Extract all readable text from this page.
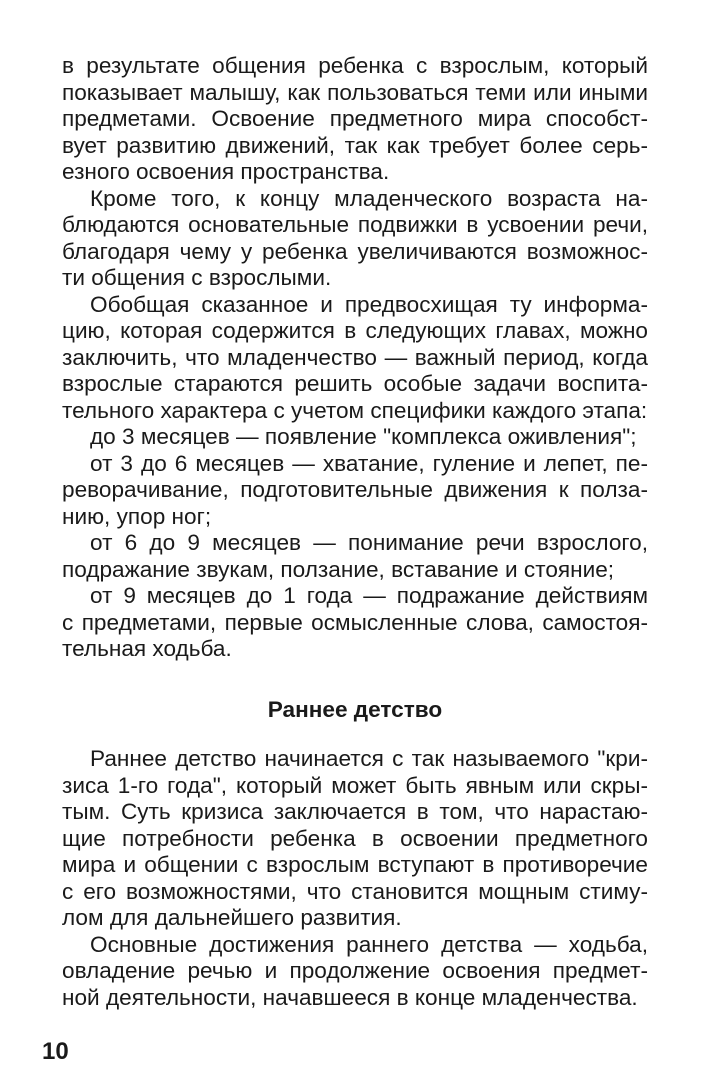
в результате общения ребенка с взрослым, который
показывает малышу, как пользоваться теми или иными
предметами. Освоение предметного мира способст-
вует развитию движений, так как требует более серь-
езного освоения пространства.
Кроме того, к концу младенческого возраста на-
блюдаются основательные подвижки в усвоении речи,
благодаря чему у ребенка увеличиваются возможнос-
ти общения с взрослыми.
Обобщая сказанное и предвосхищая ту информа-
цию, которая содержится в следующих главах, можно
заключить, что младенчество — важный период, когда
взрослые стараются решить особые задачи воспита-
тельного характера с учетом специфики каждого этапа:
до 3 месяцев — появление "комплекса оживления";
от 3 до 6 месяцев — хватание, гуление и лепет, пе-
реворачивание, подготовительные движения к ползa-
нию, упор ног;
от 6 до 9 месяцев — понимание речи взрослого,
подражание звукам, ползание, вставание и стояние;
от 9 месяцев до 1 года — подражание действиям
с предметами, первые осмысленные слова, самостоя-
тельная ходьба.
Раннее детство
Раннее детство начинается с так называемого "кри-
зиса 1-го года", который может быть явным или скры-
тым. Суть кризиса заключается в том, что нарастаю-
щие потребности ребенка в освоении предметного
мира и общении с взрослым вступают в противоречие
с его возможностями, что становится мощным стиму-
лом для дальнейшего развития.
Основные достижения раннего детства — ходьба,
овладение речью и продолжение освоения предмет-
ной деятельности, начавшееся в конце младенчества.
10
